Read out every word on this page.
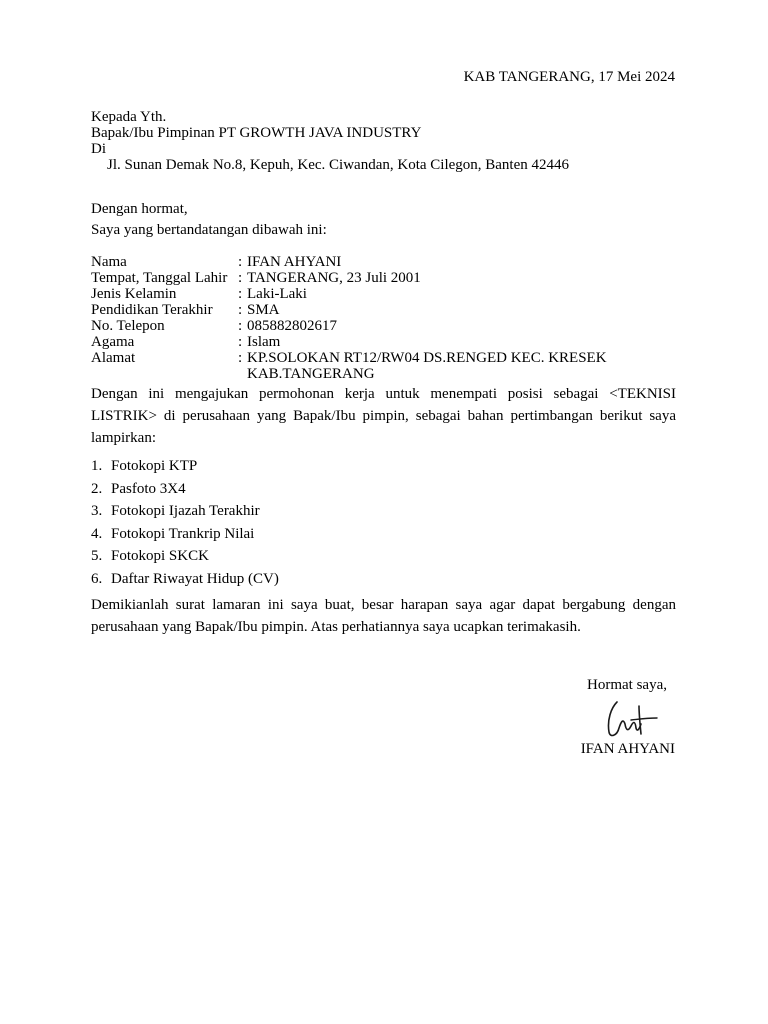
KAB TANGERANG, 17 Mei 2024
Kepada Yth.
Bapak/Ibu Pimpinan PT GROWTH JAVA INDUSTRY
Di
Jl. Sunan Demak No.8, Kepuh, Kec. Ciwandan, Kota Cilegon, Banten 42446
Dengan hormat,
Saya yang bertandatangan dibawah ini:
Nama	: IFAN AHYANI
Tempat, Tanggal Lahir : TANGERANG, 23 Juli 2001
Jenis Kelamin	: Laki-Laki
Pendidikan Terakhir	: SMA
No. Telepon	: 085882802617
Agama	: Islam
Alamat	: KP.SOLOKAN RT12/RW04 DS.RENGED KEC. KRESEK KAB.TANGERANG
Dengan ini mengajukan permohonan kerja untuk menempati posisi sebagai <TEKNISI LISTRIK> di perusahaan yang Bapak/Ibu pimpin, sebagai bahan pertimbangan berikut saya lampirkan:
1. Fotokopi KTP
2. Pasfoto 3X4
3. Fotokopi Ijazah Terakhir
4. Fotokopi Trankrip Nilai
5. Fotokopi SKCK
6. Daftar Riwayat Hidup (CV)
Demikianlah surat lamaran ini saya buat, besar harapan saya agar dapat bergabung dengan perusahaan yang Bapak/Ibu pimpin. Atas perhatiannya saya ucapkan terimakasih.
Hormat saya,
IFAN AHYANI
